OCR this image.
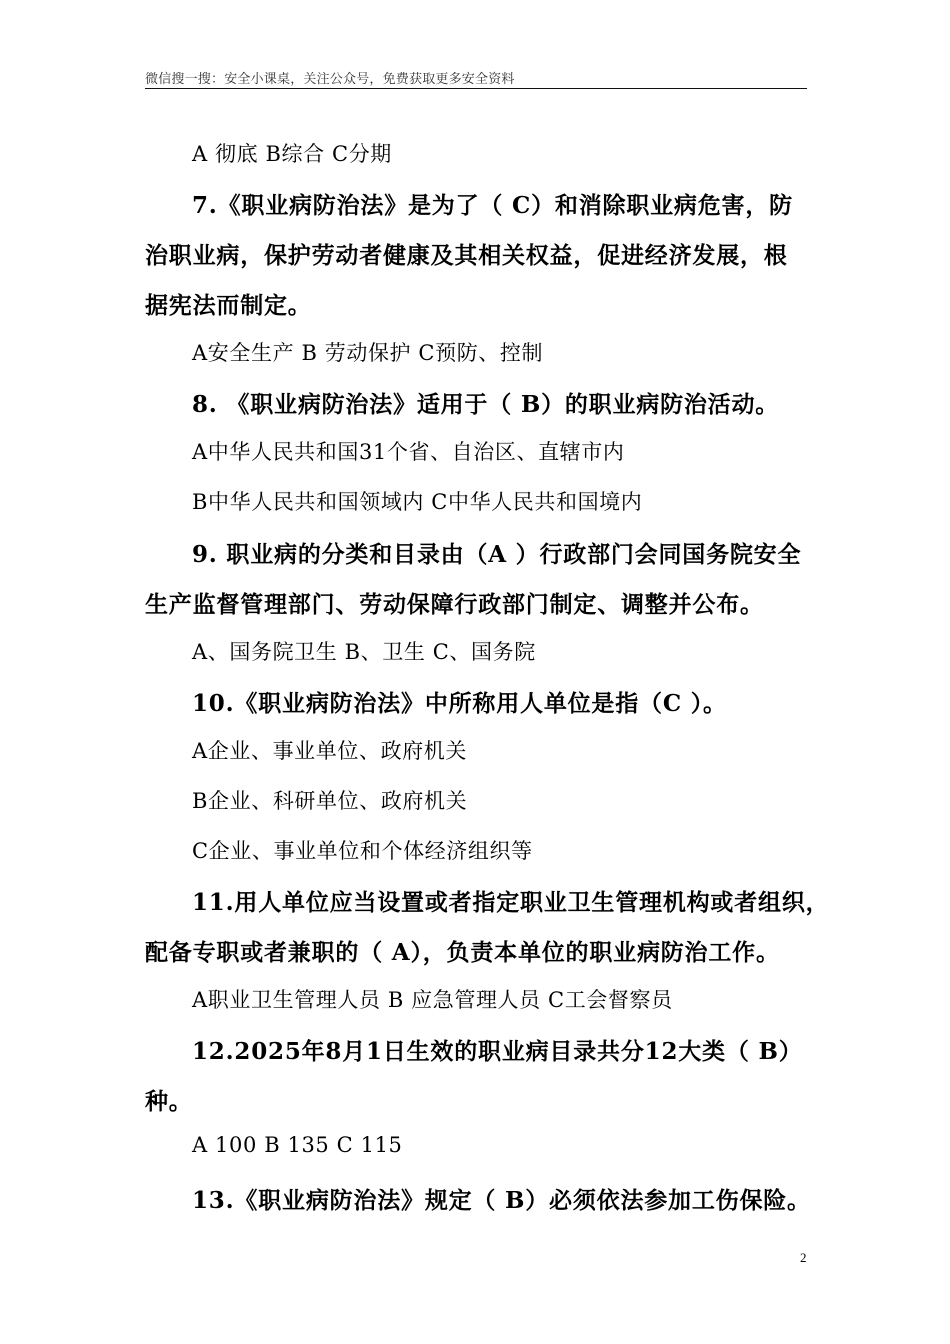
微信搜一搜：安全小课桌，关注公众号，免费获取更多安全资料
A 彻底 B综合 C分期
7.《职业病防治法》是为了（ C）和消除职业病危害，防
治职业病，保护劳动者健康及其相关权益，促进经济发展，根
据宪法而制定。
A安全生产 B 劳动保护 C预防、控制
8. 《职业病防治法》适用于（ B）的职业病防治活动。
A中华人民共和国31个省、自治区、直辖市内
B中华人民共和国领域内 C中华人民共和国境内
9. 职业病的分类和目录由（A ）行政部门会同国务院安全
生产监督管理部门、劳动保障行政部门制定、调整并公布。
A、国务院卫生 B、卫生 C、国务院
10.《职业病防治法》中所称用人单位是指（C ）。
A企业、事业单位、政府机关
B企业、科研单位、政府机关
C企业、事业单位和个体经济组织等
11.用人单位应当设置或者指定职业卫生管理机构或者组织，
配备专职或者兼职的（ A），负责本单位的职业病防治工作。
A职业卫生管理人员 B 应急管理人员 C工会督察员
12.2025年8月1日生效的职业病目录共分12大类（ B）
种。
A 100 B 135 C 115
13.《职业病防治法》规定（ B）必须依法参加工伤保险。
2
